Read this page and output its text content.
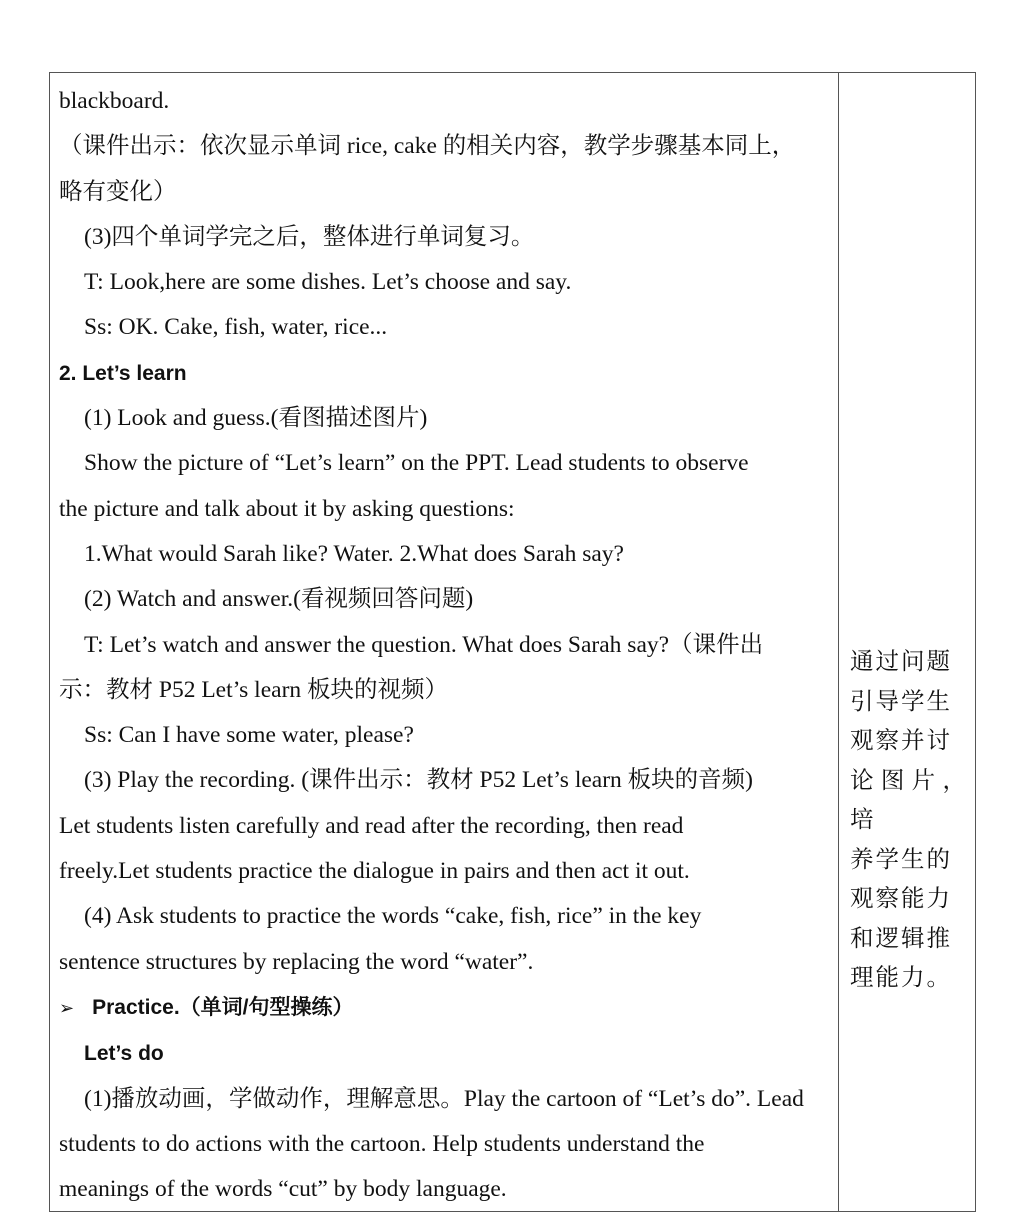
blackboard.

（课件出示：依次显示单词 rice, cake 的相关内容，教学步骤基本同上，

略有变化）

(3)四个单词学完之后，整体进行单词复习。

T: Look,here are some dishes. Let’s choose and say.

Ss: OK. Cake, fish, water, rice...

2. Let’s learn

(1) Look and guess.(看图描述图片)

Show the picture of “Let’s learn” on the PPT. Lead students to observe

the picture and talk about it by asking questions:

1.What would Sarah like? Water. 2.What does Sarah say?

(2) Watch and answer.(看视频回答问题)

T: Let’s watch and answer the question. What does Sarah say?（课件出

示：教材 P52 Let’s learn 板块的视频）

Ss: Can I have some water, please?

(3) Play the recording. (课件出示：教材 P52 Let’s learn 板块的音频)

Let students listen carefully and read after the recording, then read

freely.Let students practice the dialogue in pairs and then act it out.

(4) Ask students to practice the words “cake, fish, rice” in the key

sentence structures by replacing the word “water”.

➢ Practice.（单词/句型操练）

Let’s do

(1)播放动画，学做动作，理解意思。Play the cartoon of “Let’s do”. Lead

students to do actions with the cartoon. Help students understand the

meanings of the words “cut” by body language.

通过问题

引导学生

观察并讨

论图片，培

养学生的

观察能力

和逻辑推

理能力。
